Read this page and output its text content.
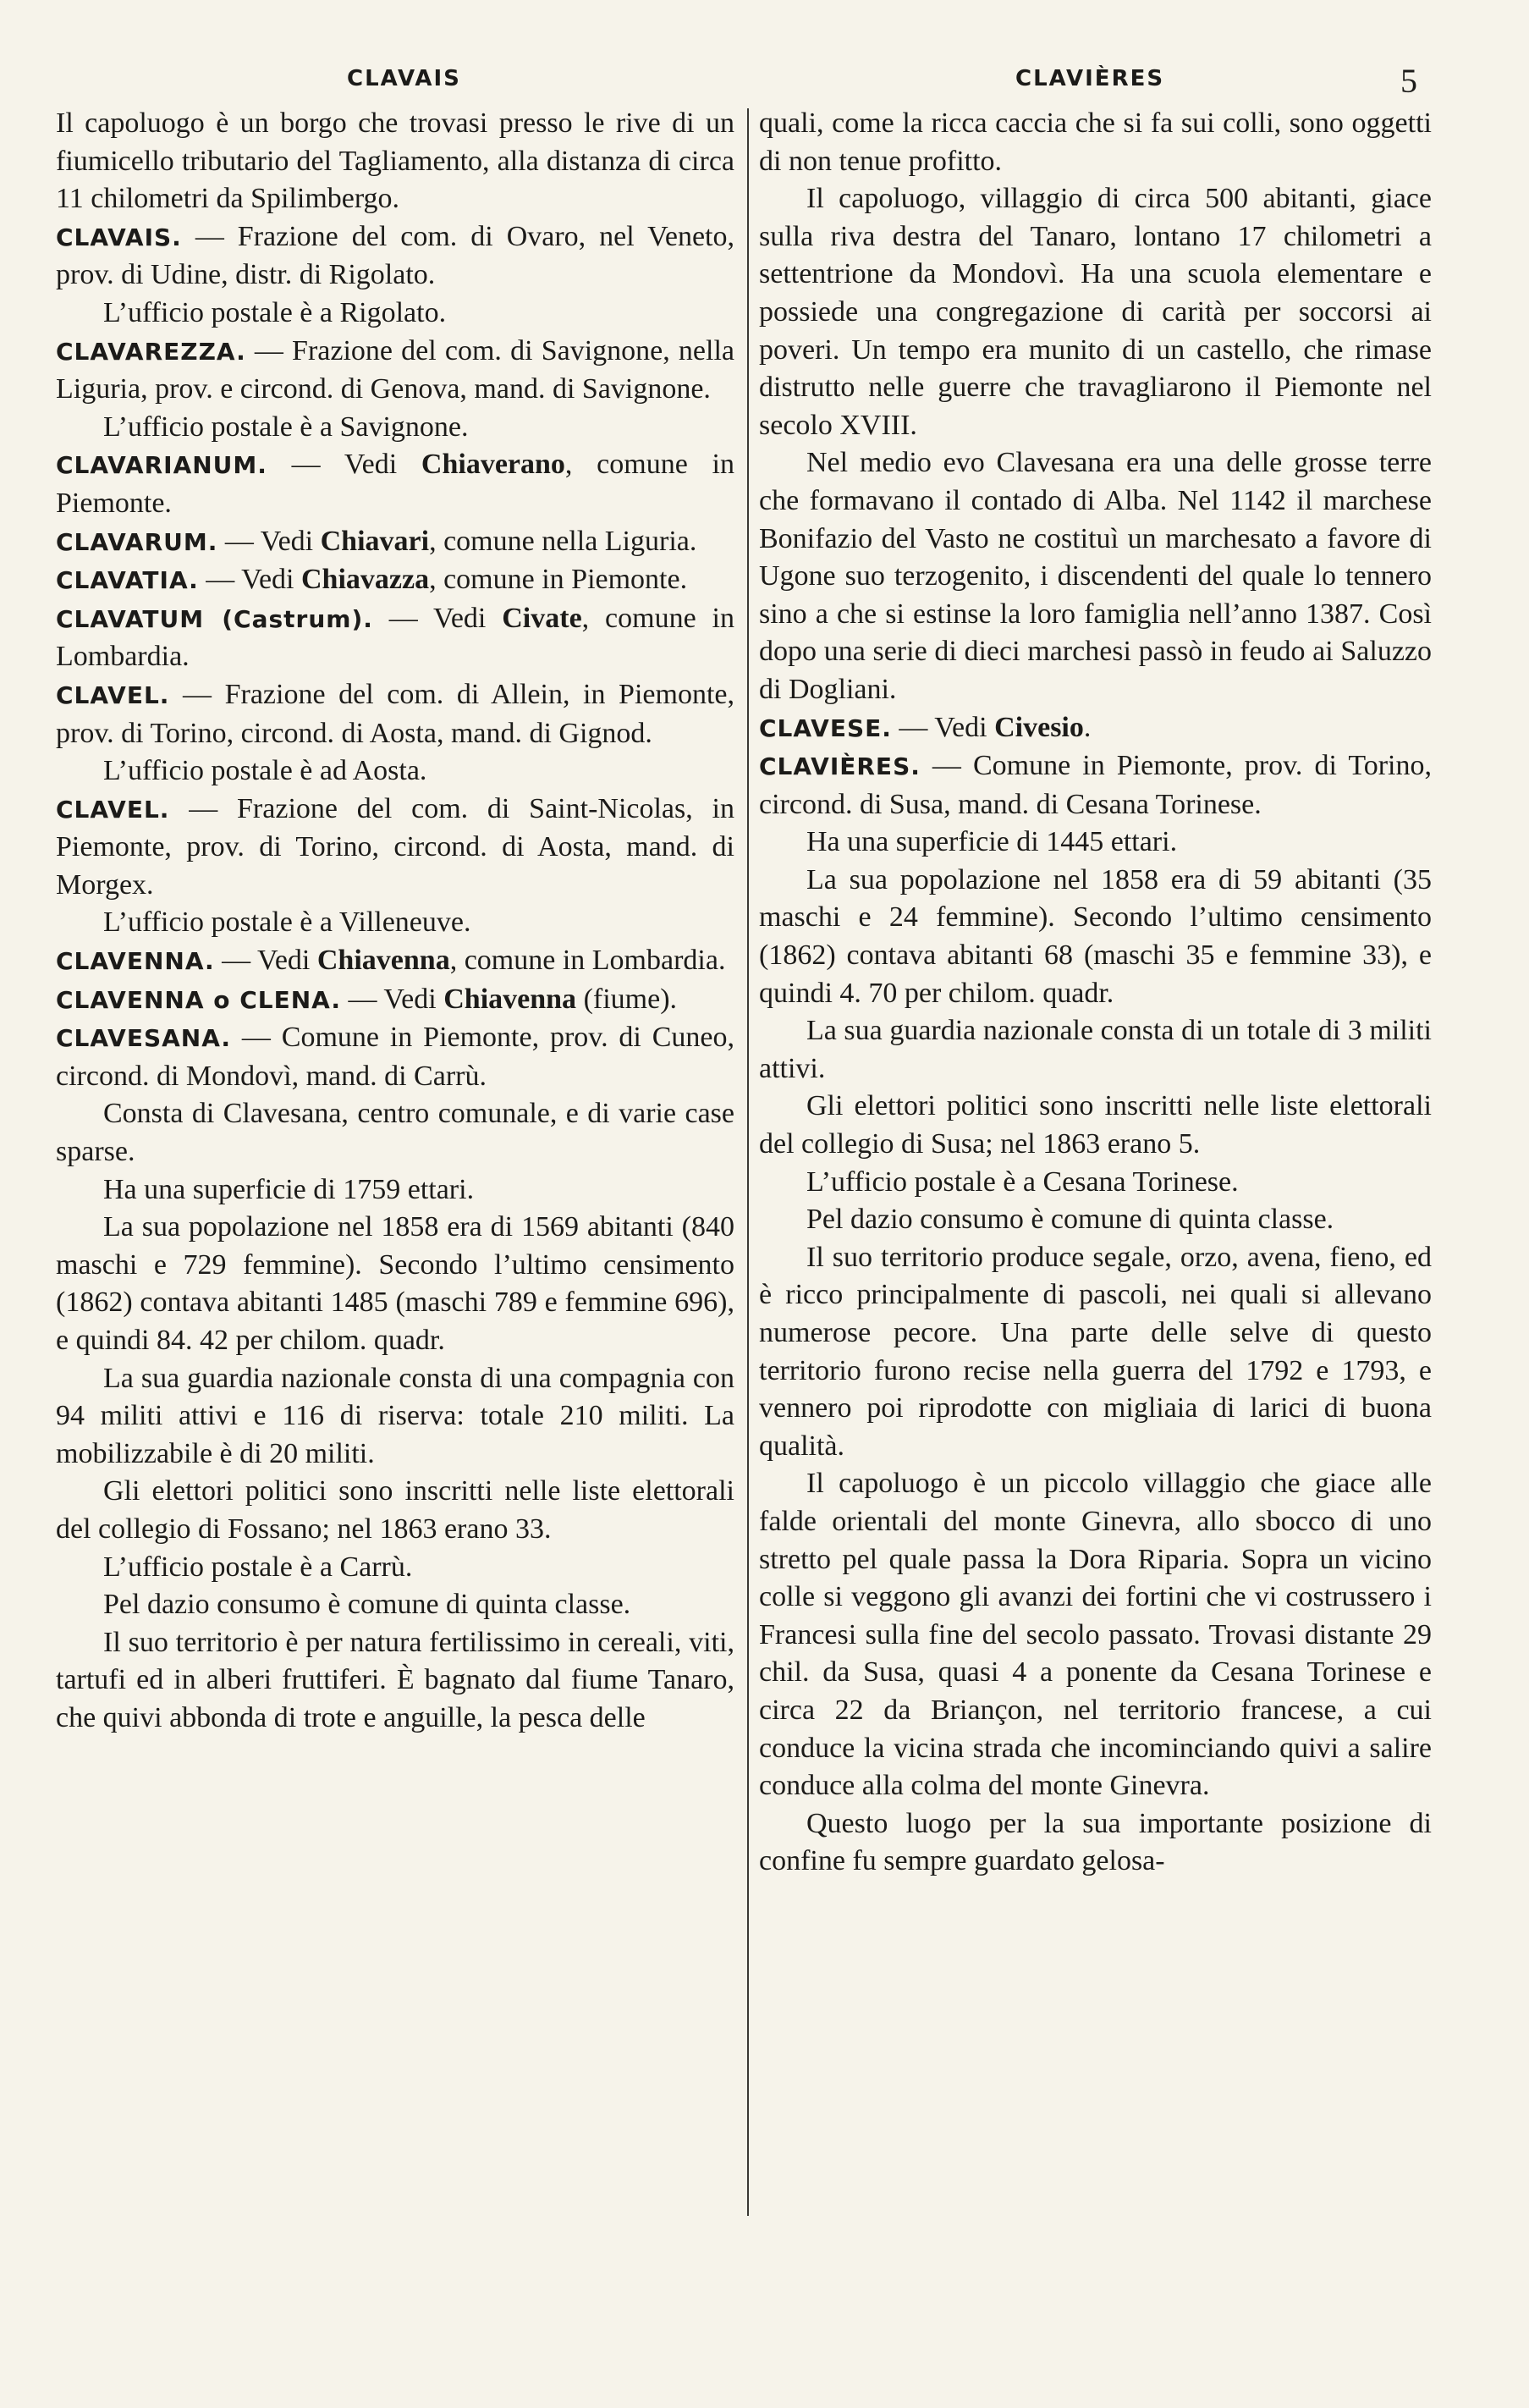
CLAVAIS	CLAVIÈRES	5

Il capoluogo è un borgo che trovasi presso le rive di un fiumicello tributario del Tagliamento, alla distanza di circa 11 chilometri da Spilimbergo.

CLAVAIS. — Frazione del com. di Ovaro, nel Veneto, prov. di Udine, distr. di Rigolato.

L’ufficio postale è a Rigolato.

CLAVAREZZA. — Frazione del com. di Savignone, nella Liguria, prov. e circond. di Genova, mand. di Savignone.

L’ufficio postale è a Savignone.

CLAVARIANUM. — Vedi Chiaverano, comune in Piemonte.

CLAVARUM. — Vedi Chiavari, comune nella Liguria.

CLAVATIA. — Vedi Chiavazza, comune in Piemonte.

CLAVATUM (Castrum). — Vedi Civate, comune in Lombardia.

CLAVEL. — Frazione del com. di Allein, in Piemonte, prov. di Torino, circond. di Aosta, mand. di Gignod.

L’ufficio postale è ad Aosta.

CLAVEL. — Frazione del com. di Saint-Nicolas, in Piemonte, prov. di Torino, circond. di Aosta, mand. di Morgex.

L’ufficio postale è a Villeneuve.

CLAVENNA. — Vedi Chiavenna, comune in Lombardia.

CLAVENNA o CLENA. — Vedi Chiavenna (fiume).

CLAVESANA. — Comune in Piemonte, prov. di Cuneo, circond. di Mondovì, mand. di Carrù.

Consta di Clavesana, centro comunale, e di varie case sparse.

Ha una superficie di 1759 ettari.

La sua popolazione nel 1858 era di 1569 abitanti (840 maschi e 729 femmine). Secondo l’ultimo censimento (1862) contava abitanti 1485 (maschi 789 e femmine 696), e quindi 84. 42 per chilom. quadr.

La sua guardia nazionale consta di una compagnia con 94 militi attivi e 116 di riserva: totale 210 militi. La mobilizzabile è di 20 militi.

Gli elettori politici sono inscritti nelle liste elettorali del collegio di Fossano; nel 1863 erano 33.

L’ufficio postale è a Carrù.

Pel dazio consumo è comune di quinta classe.

Il suo territorio è per natura fertilissimo in cereali, viti, tartufi ed in alberi fruttiferi. È bagnato dal fiume Tanaro, che quivi abbonda di trote e anguille, la pesca delle

quali, come la ricca caccia che si fa sui colli, sono oggetti di non tenue profitto.

Il capoluogo, villaggio di circa 500 abitanti, giace sulla riva destra del Tanaro, lontano 17 chilometri a settentrione da Mondovì. Ha una scuola elementare e possiede una congregazione di carità per soccorsi ai poveri. Un tempo era munito di un castello, che rimase distrutto nelle guerre che travagliarono il Piemonte nel secolo XVIII.

Nel medio evo Clavesana era una delle grosse terre che formavano il contado di Alba. Nel 1142 il marchese Bonifazio del Vasto ne costituì un marchesato a favore di Ugone suo terzogenito, i discendenti del quale lo tennero sino a che si estinse la loro famiglia nell’anno 1387. Così dopo una serie di dieci marchesi passò in feudo ai Saluzzo di Dogliani.

CLAVESE. — Vedi Civesio.

CLAVIÈRES. — Comune in Piemonte, prov. di Torino, circond. di Susa, mand. di Cesana Torinese.

Ha una superficie di 1445 ettari.

La sua popolazione nel 1858 era di 59 abitanti (35 maschi e 24 femmine). Secondo l’ultimo censimento (1862) contava abitanti 68 (maschi 35 e femmine 33), e quindi 4. 70 per chilom. quadr.

La sua guardia nazionale consta di un totale di 3 militi attivi.

Gli elettori politici sono inscritti nelle liste elettorali del collegio di Susa; nel 1863 erano 5.

L’ufficio postale è a Cesana Torinese.

Pel dazio consumo è comune di quinta classe.

Il suo territorio produce segale, orzo, avena, fieno, ed è ricco principalmente di pascoli, nei quali si allevano numerose pecore. Una parte delle selve di questo territorio furono recise nella guerra del 1792 e 1793, e vennero poi riprodotte con migliaia di larici di buona qualità.

Il capoluogo è un piccolo villaggio che giace alle falde orientali del monte Ginevra, allo sbocco di uno stretto pel quale passa la Dora Riparia. Sopra un vicino colle si veggono gli avanzi dei fortini che vi costrussero i Francesi sulla fine del secolo passato. Trovasi distante 29 chil. da Susa, quasi 4 a ponente da Cesana Torinese e circa 22 da Briançon, nel territorio francese, a cui conduce la vicina strada che incominciando quivi a salire conduce alla colma del monte Ginevra.

Questo luogo per la sua importante posizione di confine fu sempre guardato gelosa-
